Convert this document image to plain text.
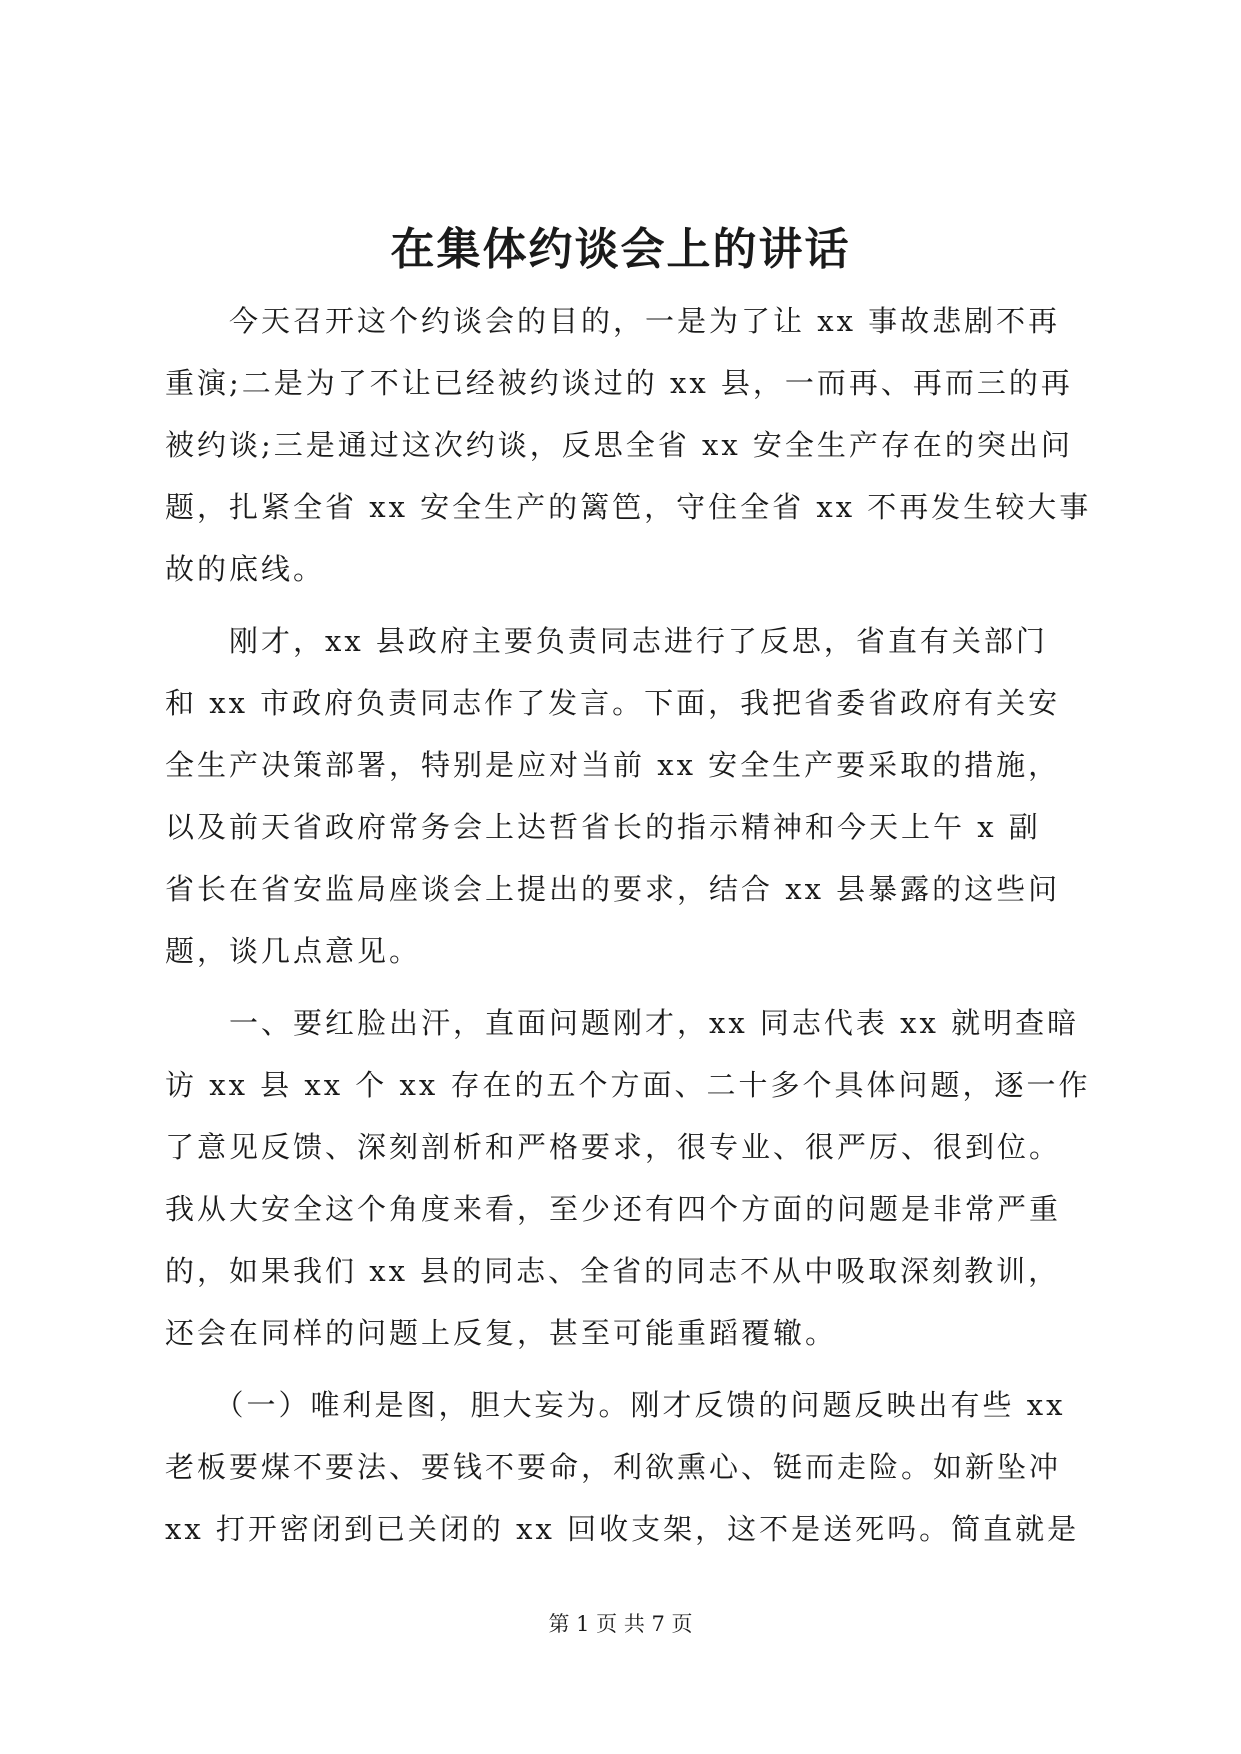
在集体约谈会上的讲话
　　今天召开这个约谈会的目的，一是为了让 xx 事故悲剧不再
重演;二是为了不让已经被约谈过的 xx 县，一而再、再而三的再
被约谈;三是通过这次约谈，反思全省 xx 安全生产存在的突出问
题，扎紧全省 xx 安全生产的篱笆，守住全省 xx 不再发生较大事
故的底线。
　　刚才，xx 县政府主要负责同志进行了反思，省直有关部门
和 xx 市政府负责同志作了发言。下面，我把省委省政府有关安
全生产决策部署，特别是应对当前 xx 安全生产要采取的措施，
以及前天省政府常务会上达哲省长的指示精神和今天上午 x 副
省长在省安监局座谈会上提出的要求，结合 xx 县暴露的这些问
题，谈几点意见。
　　一、要红脸出汗，直面问题刚才，xx 同志代表 xx 就明查暗
访 xx 县 xx 个 xx 存在的五个方面、二十多个具体问题，逐一作
了意见反馈、深刻剖析和严格要求，很专业、很严厉、很到位。
我从大安全这个角度来看，至少还有四个方面的问题是非常严重
的，如果我们 xx 县的同志、全省的同志不从中吸取深刻教训，
还会在同样的问题上反复，甚至可能重蹈覆辙。
　　（一）唯利是图，胆大妄为。刚才反馈的问题反映出有些 xx
老板要煤不要法、要钱不要命，利欲熏心、铤而走险。如新坠冲
xx 打开密闭到已关闭的 xx 回收支架，这不是送死吗。简直就是
第 1 页 共 7 页
